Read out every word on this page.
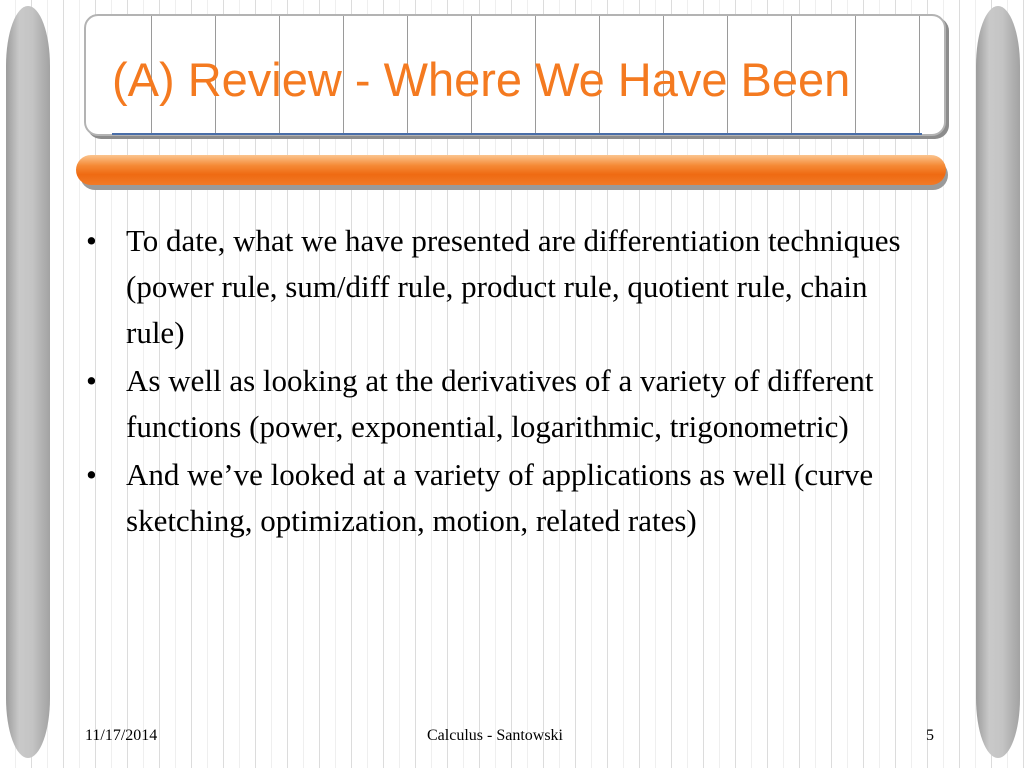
(A) Review - Where We Have Been
• To date, what we have presented are differentiation techniques (power rule, sum/diff rule, product rule, quotient rule, chain rule)
• As well as looking at the derivatives of a variety of different functions (power, exponential, logarithmic, trigonometric)
• And we’ve looked at a variety of applications as well (curve sketching, optimization, motion, related rates)
11/17/2014	Calculus - Santowski	5
